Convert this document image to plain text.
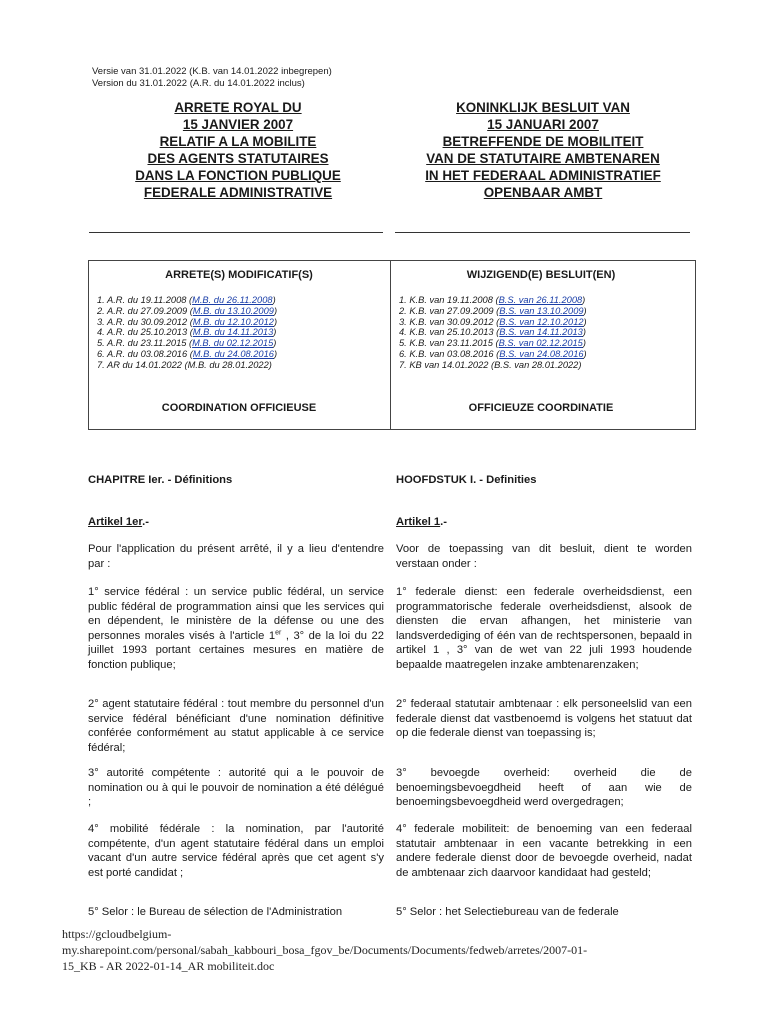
Versie van 31.01.2022 (K.B. van 14.01.2022 inbegrepen)
Version du 31.01.2022 (A.R. du 14.01.2022 inclus)
ARRETE ROYAL DU
15 JANVIER 2007
RELATIF A LA MOBILITE
DES AGENTS STATUTAIRES
DANS LA FONCTION PUBLIQUE
FEDERALE ADMINISTRATIVE
KONINKLIJK BESLUIT VAN
15 JANUARI 2007
BETREFFENDE DE MOBILITEIT
VAN DE STATUTAIRE AMBTENAREN
IN HET FEDERAAL ADMINISTRATIEF
OPENBAAR AMBT
ARRETE(S) MODIFICATIF(S)
1. A.R. du 19.11.2008 (M.B. du 26.11.2008)
2. A.R. du 27.09.2009 (M.B. du 13.10.2009)
3. A.R. du 30.09.2012 (M.B. du 12.10.2012)
4. A.R. du 25.10.2013 (M.B. du 14.11.2013)
5. A.R. du 23.11.2015 (M.B. du 02.12.2015)
6. A.R. du 03.08.2016 (M.B. du 24.08.2016)
7. AR du 14.01.2022 (M.B. du 28.01.2022)
COORDINATION OFFICIEUSE
WIJZIGEND(E) BESLUIT(EN)
1. K.B. van 19.11.2008 (B.S. van 26.11.2008)
2. K.B. van 27.09.2009 (B.S. van 13.10.2009)
3. K.B. van 30.09.2012 (B.S. van 12.10.2012)
4. K.B. van 25.10.2013 (B.S. van 14.11.2013)
5. K.B. van 23.11.2015 (B.S. van 02.12.2015)
6. K.B. van 03.08.2016 (B.S. van 24.08.2016)
7. KB van 14.01.2022 (B.S. van 28.01.2022)
OFFICIEUZE COORDINATIE
CHAPITRE Ier. - Définitions
Artikel 1er.-
Pour l'application du présent arrêté, il y a lieu d'entendre par :
1° service fédéral : un service public fédéral, un service public fédéral de programmation ainsi que les services qui en dépendent, le ministère de la défense ou une des personnes morales visés à l'article 1er , 3° de la loi du 22 juillet 1993 portant certaines mesures en matière de fonction publique;
2° agent statutaire fédéral : tout membre du personnel d'un service fédéral bénéficiant d'une nomination définitive conférée conformément au statut applicable à ce service fédéral;
3° autorité compétente : autorité qui a le pouvoir de nomination ou à qui le pouvoir de nomination a été délégué ;
4° mobilité fédérale : la nomination, par l'autorité compétente, d'un agent statutaire fédéral dans un emploi vacant d'un autre service fédéral après que cet agent s'y est porté candidat ;
5° Selor : le Bureau de sélection de l'Administration
HOOFDSTUK I. - Definities
Artikel 1.-
Voor de toepassing van dit besluit, dient te worden verstaan onder :
1° federale dienst: een federale overheidsdienst, een programmatorische federale overheidsdienst, alsook de diensten die ervan afhangen, het ministerie van landsverdediging of één van de rechtspersonen, bepaald in artikel 1 , 3° van de wet van 22 juli 1993 houdende bepaalde maatregelen inzake ambtenarenzaken;
2° federaal statutair ambtenaar : elk personeelslid van een federale dienst dat vastbenoemd is volgens het statuut dat op die federale dienst van toepassing is;
3° bevoegde overheid: overheid die de benoemingsbevoegdheid heeft of aan wie de benoemingsbevoegdheid werd overgedragen;
4° federale mobiliteit: de benoeming van een federaal statutair ambtenaar in een vacante betrekking in een andere federale dienst door de bevoegde overheid, nadat de ambtenaar zich daarvoor kandidaat had gesteld;
5° Selor : het Selectiebureau van de federale
https://gcloudbelgium-
my.sharepoint.com/personal/sabah_kabbouri_bosa_fgov_be/Documents/Documents/fedweb/arretes/2007-01-
15_KB - AR 2022-01-14_AR mobiliteit.doc
